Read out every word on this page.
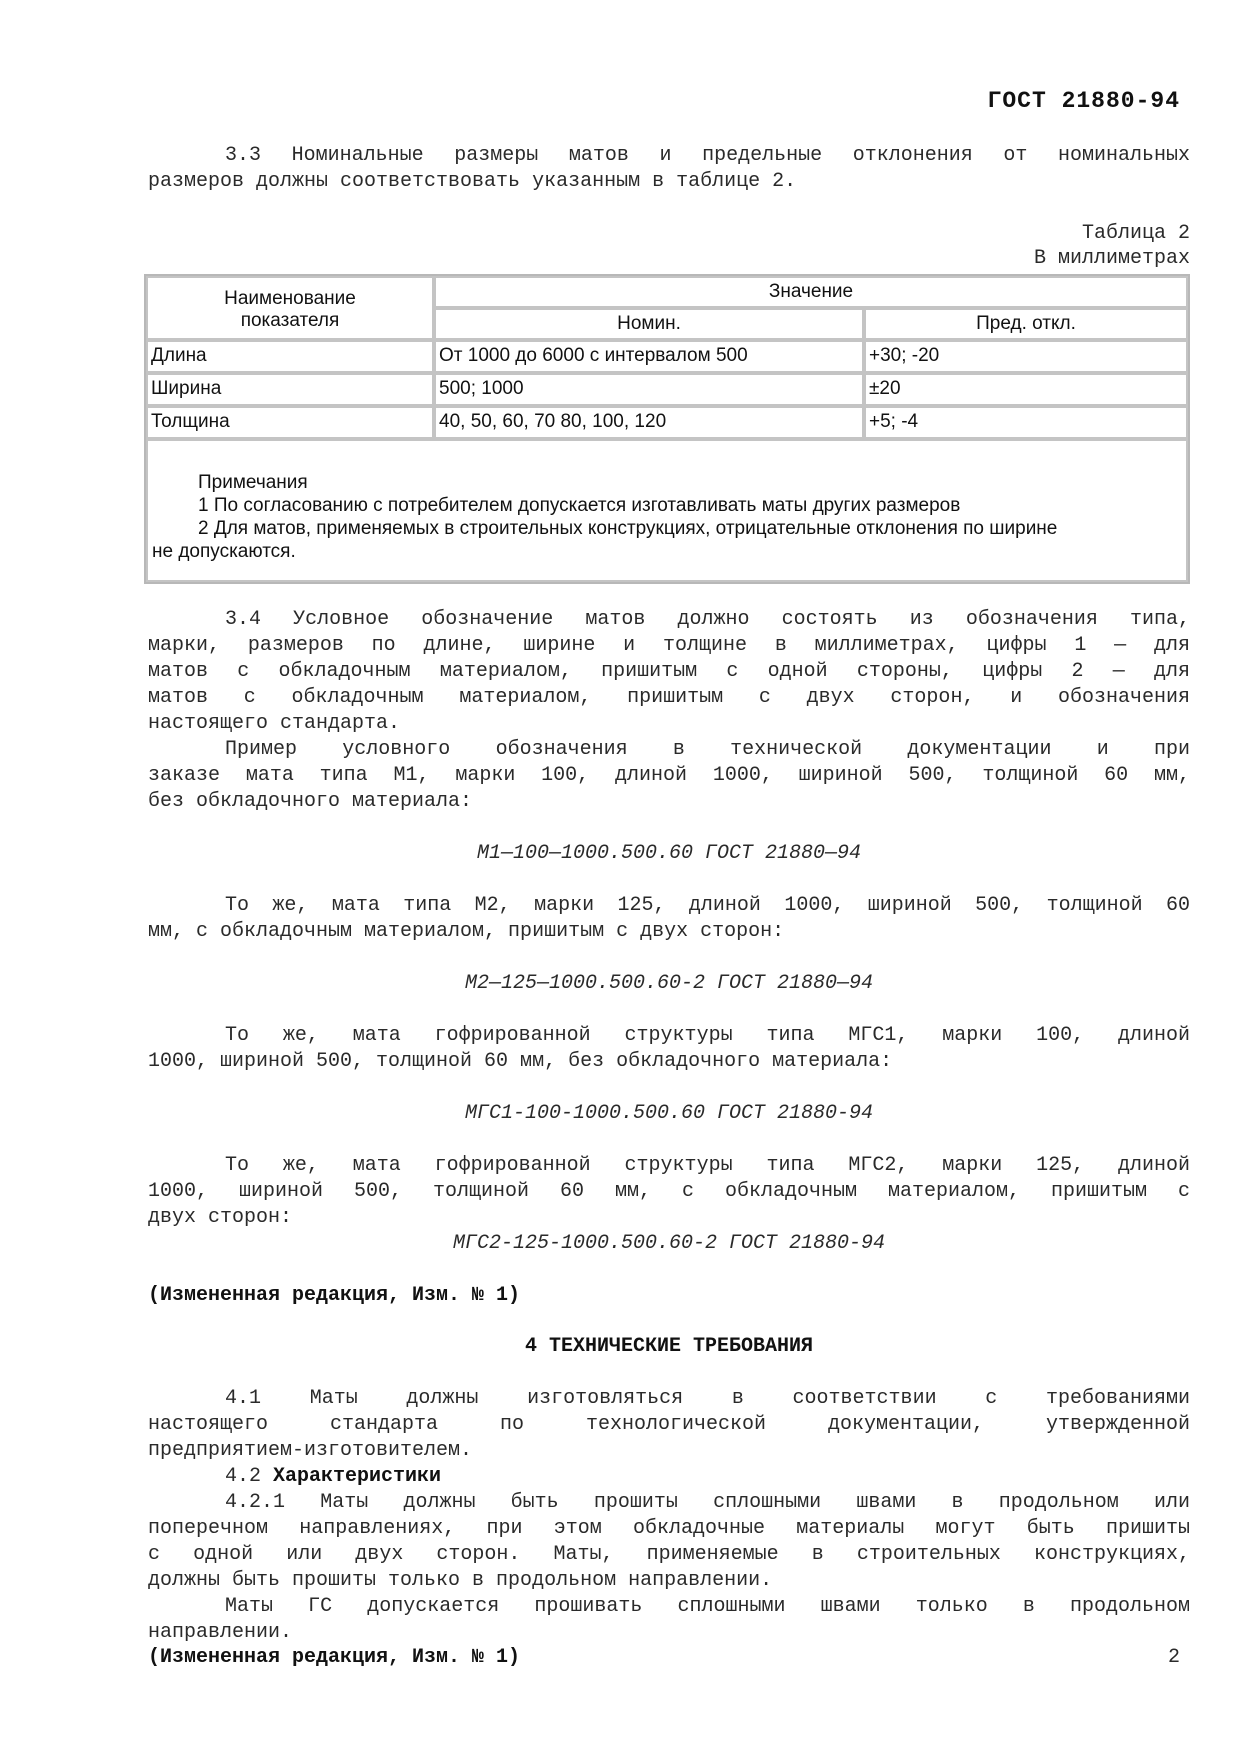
ГОСТ 21880-94
3.3 Номинальные размеры матов и предельные отклонения от номинальных
размеров должны соответствовать указанным в таблице 2.
Таблица 2
В миллиметрах
Наименование
показателя
Значение
Номин.	Пред. откл.
Длина	От 1000 до 6000 с интервалом 500	+30; -20
Ширина	500; 1000	±20
Толщина	40, 50, 60, 70 80, 100, 120	+5; -4
Примечания
1 По согласованию с потребителем допускается изготавливать маты других размеров
2 Для матов, применяемых в строительных конструкциях, отрицательные отклонения по ширине
не допускаются.
3.4 Условное обозначение матов должно состоять из обозначения типа,
марки, размеров по длине, ширине и толщине в миллиметрах, цифры 1 — для
матов с обкладочным материалом, пришитым с одной стороны, цифры 2 — для
матов с обкладочным материалом, пришитым с двух сторон, и обозначения
настоящего стандарта.
Пример условного обозначения в технической документации и при
заказе мата типа М1, марки 100, длиной 1000, шириной 500, толщиной 60 мм,
без обкладочного материала:
М1—100—1000.500.60 ГОСТ 21880—94
То же, мата типа М2, марки 125, длиной 1000, шириной 500, толщиной 60
мм, с обкладочным материалом, пришитым с двух сторон:
М2—125—1000.500.60-2 ГОСТ 21880—94
То же, мата гофрированной структуры типа МГС1, марки 100, длиной
1000, шириной 500, толщиной 60 мм, без обкладочного материала:
МГС1-100-1000.500.60 ГОСТ 21880-94
То же, мата гофрированной структуры типа МГС2, марки 125, длиной
1000, шириной 500, толщиной 60 мм, с обкладочным материалом, пришитым с
двух сторон:
МГС2-125-1000.500.60-2 ГОСТ 21880-94
(Измененная редакция, Изм. № 1)
4 ТЕХНИЧЕСКИЕ ТРЕБОВАНИЯ
4.1 Маты должны изготовляться в соответствии с требованиями
настоящего стандарта по технологической документации, утвержденной
предприятием-изготовителем.
4.2 Характеристики
4.2.1 Маты должны быть прошиты сплошными швами в продольном или
поперечном направлениях, при этом обкладочные материалы могут быть пришиты
с одной или двух сторон. Маты, применяемые в строительных конструкциях,
должны быть прошиты только в продольном направлении.
Маты ГС допускается прошивать сплошными швами только в продольном
направлении.
(Измененная редакция, Изм. № 1)	2
